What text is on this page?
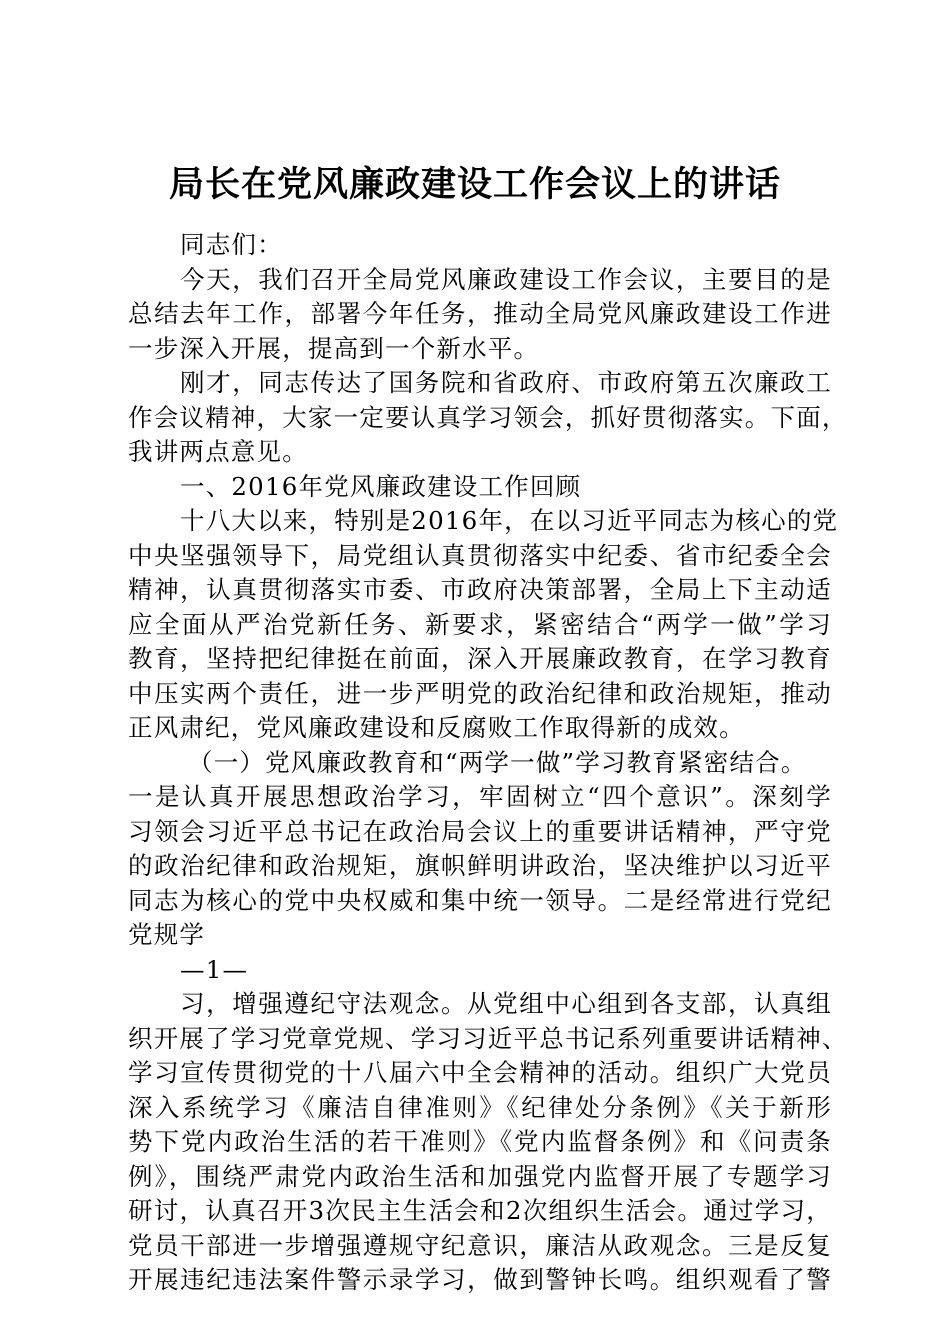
局长在党风廉政建设工作会议上的讲话
同志们：
今天，我们召开全局党风廉政建设工作会议，主要目的是
总结去年工作，部署今年任务，推动全局党风廉政建设工作进
一步深入开展，提高到一个新水平。
刚才，同志传达了国务院和省政府、市政府第五次廉政工
作会议精神，大家一定要认真学习领会，抓好贯彻落实。下面，
我讲两点意见。
一、2016年党风廉政建设工作回顾
十八大以来，特别是2016年，在以习近平同志为核心的党
中央坚强领导下，局党组认真贯彻落实中纪委、省市纪委全会
精神，认真贯彻落实市委、市政府决策部署，全局上下主动适
应全面从严治党新任务、新要求，紧密结合“两学一做”学习
教育，坚持把纪律挺在前面，深入开展廉政教育，在学习教育
中压实两个责任，进一步严明党的政治纪律和政治规矩，推动
正风肃纪，党风廉政建设和反腐败工作取得新的成效。
（一）党风廉政教育和“两学一做”学习教育紧密结合。
一是认真开展思想政治学习，牢固树立“四个意识”。深刻学
习领会习近平总书记在政治局会议上的重要讲话精神，严守党
的政治纪律和政治规矩，旗帜鲜明讲政治，坚决维护以习近平
同志为核心的党中央权威和集中统一领导。二是经常进行党纪
党规学
—1—
习，增强遵纪守法观念。从党组中心组到各支部，认真组
织开展了学习党章党规、学习习近平总书记系列重要讲话精神、
学习宣传贯彻党的十八届六中全会精神的活动。组织广大党员
深入系统学习《廉洁自律准则》《纪律处分条例》《关于新形
势下党内政治生活的若干准则》《党内监督条例》和《问责条
例》，围绕严肃党内政治生活和加强党内监督开展了专题学习
研讨，认真召开3次民主生活会和2次组织生活会。通过学习，
党员干部进一步增强遵规守纪意识，廉洁从政观念。三是反复
开展违纪违法案件警示录学习，做到警钟长鸣。组织观看了警
